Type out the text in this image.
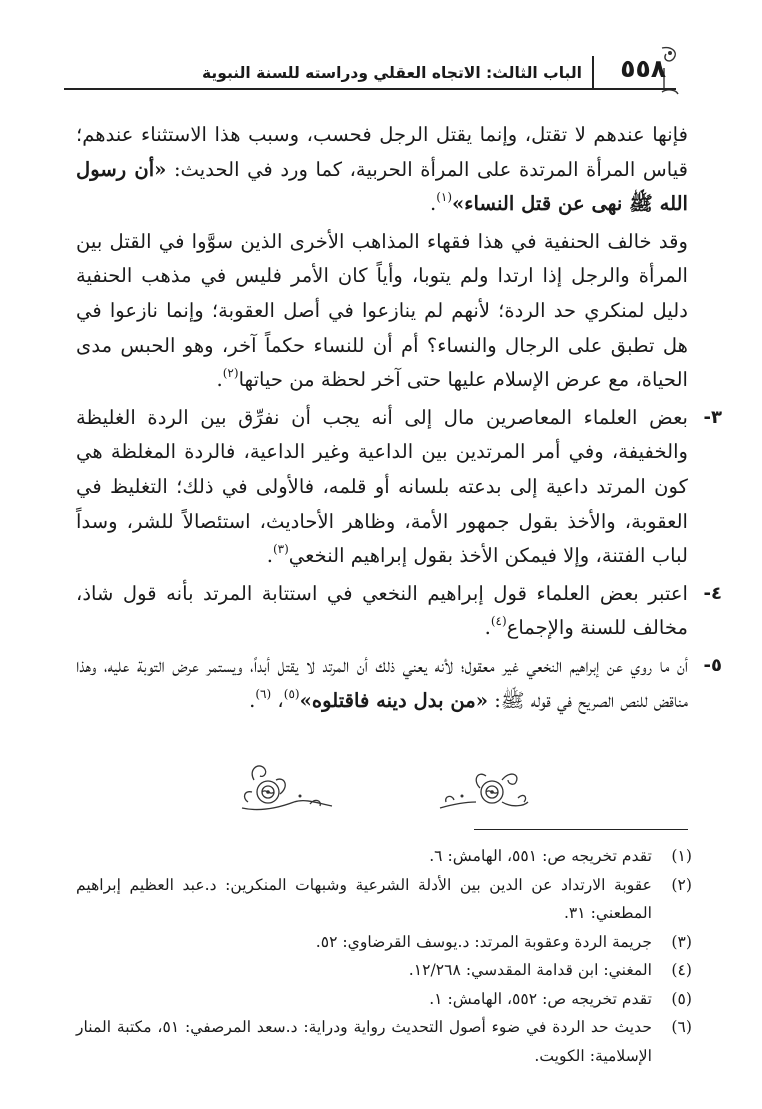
٥٥٨
الباب الثالث: الاتجاه العقلي ودراسته للسنة النبوية

فإنها عندهم لا تقتل، وإنما يقتل الرجل فحسب، وسبب هذا الاستثناء عندهم؛ قياس المرأة المرتدة على المرأة الحربية، كما ورد في الحديث: «أن رسول الله ﷺ نهى عن قتل النساء»$^{(١)}$.

وقد خالف الحنفية في هذا فقهاء المذاهب الأخرى الذين سوَّوا في القتل بين المرأة والرجل إذا ارتدا ولم يتوبا، وأياً كان الأمر فليس في مذهب الحنفية دليل لمنكري حد الردة؛ لأنهم لم ينازعوا في أصل العقوبة؛ وإنما نازعوا في هل تطبق على الرجال والنساء؟ أم أن للنساء حكماً آخر، وهو الحبس مدى الحياة، مع عرض الإسلام عليها حتى آخر لحظة من حياتها$^{(٢)}$.

٣-
بعض العلماء المعاصرين مال إلى أنه يجب أن نفرِّق بين الردة الغليظة والخفيفة، وفي أمر المرتدين بين الداعية وغير الداعية، فالردة المغلظة هي كون المرتد داعية إلى بدعته بلسانه أو قلمه، فالأولى في ذلك؛ التغليظ في العقوبة، والأخذ بقول جمهور الأمة، وظاهر الأحاديث، استئصالاً للشر، وسداً لباب الفتنة، وإلا فيمكن الأخذ بقول إبراهيم النخعي$^{(٣)}$.
٤-
اعتبر بعض العلماء قول إبراهيم النخعي في استتابة المرتد بأنه قول شاذ، مخالف للسنة والإجماع$^{(٤)}$.
٥-
أن ما روي عن إبراهيم النخعي غير معقول؛ لأنه يعني ذلك أن المرتد لا يقتل أبداً، ويستمر عرض التوبة عليه، وهذا مناقض للنص الصريح في قوله ﷺ: «من بدل دينه فاقتلوه»$^{(٥)}$، $^{(٦)}$.
(١)
تقدم تخريجه ص: ٥٥١، الهامش: ٦.
(٢)
عقوبة الارتداد عن الدين بين الأدلة الشرعية وشبهات المنكرين: د.عبد العظيم إبراهيم المطعني: ٣١.
(٣)
جريمة الردة وعقوبة المرتد: د.يوسف القرضاوي: ٥٢.
(٤)
المغني: ابن قدامة المقدسي: ١٢/٢٦٨.
(٥)
تقدم تخريجه ص: ٥٥٢، الهامش: ١.
(٦)
حديث حد الردة في ضوء أصول التحديث رواية ودراية: د.سعد المرصفي: ٥١، مكتبة المنار الإسلامية: الكويت.
